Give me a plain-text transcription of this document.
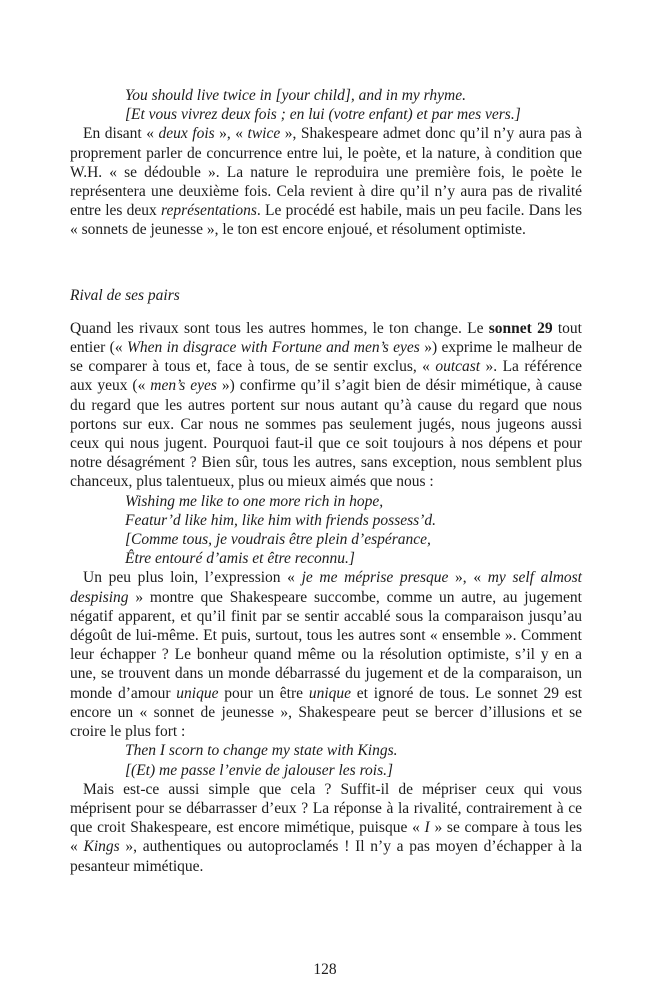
You should live twice in [your child], and in my rhyme.
[Et vous vivrez deux fois ; en lui (votre enfant) et par mes vers.]

En disant « deux fois », « twice », Shakespeare admet donc qu’il n’y aura pas à proprement parler de concurrence entre lui, le poète, et la nature, à condition que W.H. « se dédouble ». La nature le reproduira une première fois, le poète le représentera une deuxième fois. Cela revient à dire qu’il n’y aura pas de rivalité entre les deux représentations. Le procédé est habile, mais un peu facile. Dans les « sonnets de jeunesse », le ton est encore enjoué, et résolument optimiste.

Rival de ses pairs

Quand les rivaux sont tous les autres hommes, le ton change. Le sonnet 29 tout entier (« When in disgrace with Fortune and men’s eyes ») exprime le malheur de se comparer à tous et, face à tous, de se sentir exclus, « outcast ». La référence aux yeux (« men’s eyes ») confirme qu’il s’agit bien de désir mimétique, à cause du regard que les autres portent sur nous autant qu’à cause du regard que nous portons sur eux. Car nous ne sommes pas seulement jugés, nous jugeons aussi ceux qui nous jugent. Pourquoi faut-il que ce soit toujours à nos dépens et pour notre désagrément ? Bien sûr, tous les autres, sans exception, nous semblent plus chanceux, plus talentueux, plus ou mieux aimés que nous :

Wishing me like to one more rich in hope,
Featur’d like him, like him with friends possess’d.
[Comme tous, je voudrais être plein d’espérance,
Être entouré d’amis et être reconnu.]

Un peu plus loin, l’expression « je me méprise presque », « my self almost despising » montre que Shakespeare succombe, comme un autre, au jugement négatif apparent, et qu’il finit par se sentir accablé sous la comparaison jusqu’au dégoût de lui-même. Et puis, surtout, tous les autres sont « ensemble ». Comment leur échapper ? Le bonheur quand même ou la résolution optimiste, s’il y en a une, se trouvent dans un monde débarrassé du jugement et de la comparaison, un monde d’amour unique pour un être unique et ignoré de tous. Le sonnet 29 est encore un « sonnet de jeunesse », Shakespeare peut se bercer d’illusions et se croire le plus fort :

Then I scorn to change my state with Kings.
[(Et) me passe l’envie de jalouser les rois.]

Mais est-ce aussi simple que cela ? Suffit-il de mépriser ceux qui vous méprisent pour se débarrasser d’eux ? La réponse à la rivalité, contrairement à ce que croit Shakespeare, est encore mimétique, puisque « I » se compare à tous les « Kings », authentiques ou autoproclamés ! Il n’y a pas moyen d’échapper à la pesanteur mimétique.

128
